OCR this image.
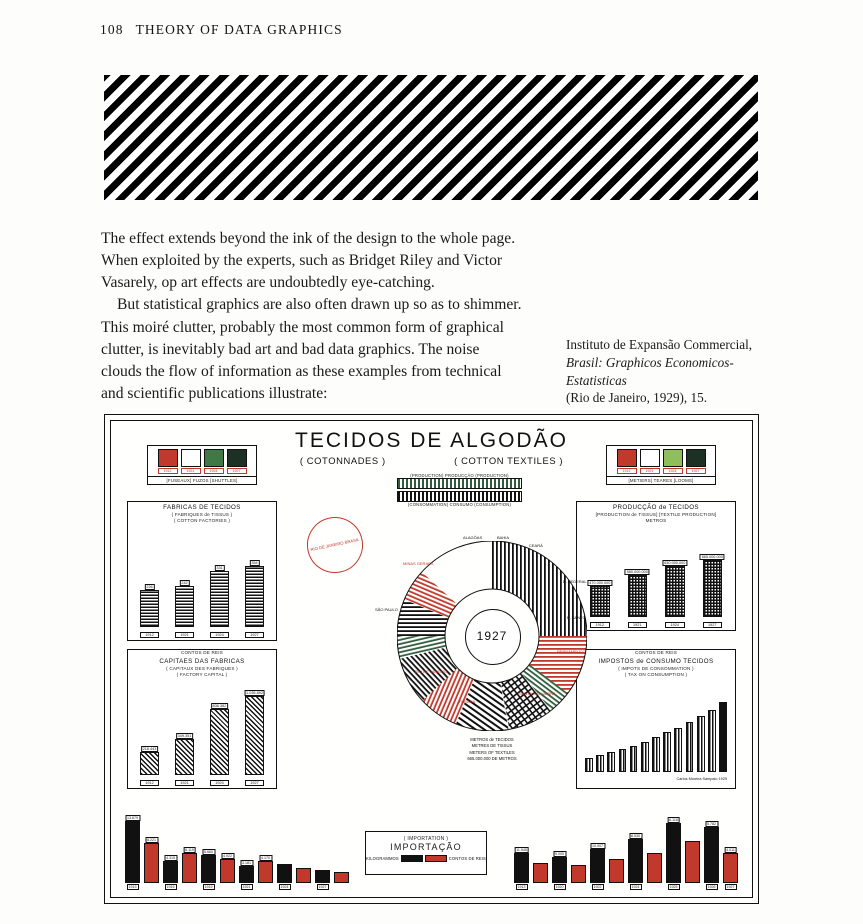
108 THEORY OF DATA GRAPHICS

The effect extends beyond the ink of the design to the whole page. When exploited by the experts, such as Bridget Riley and Victor Vasarely, op art effects are undoubtedly eye-catching.

But statistical graphics are also often drawn up so as to shimmer. This moiré clutter, probably the most common form of graphical clutter, is inevitably bad art and bad data graphics. The noise clouds the flow of information as these examples from technical and scientific publications illustrate:

Instituto de Expansão Commercial,
Brasil: Graphicos Economicos-Estatisticas
(Rio de Janeiro, 1929), 15.
TECIDOS DE ALGODÃO
( COTONNADES )	( COTTON TEXTILES )
(PRODUCTION) PRODUCÇÃO (PRODUCTION)
(CONSOMMATION) CONSUMO (CONSUMPTION)
1912	1921	1924	1927
[FUSEAUX] FUZOS [SHUTTLES]
1912	1921	1924	1927
[METIERS] TEARES [LOOMS]
RIO DE JANEIRO BRASIL
FABRICAS DE TECIDOS
( FABRIQUES de TISSUS )
( COTTON FACTORIES )
226
242
331
354
1912	1921	1924	1927
CONTOS DE REIS
CAPITAES DAS FABRICAS
( CAPITAUX DES FABRIQUES )
( FACTORY CAPITAL )
218.443
349.351
836.382
1.035.892
1912	1921	1924	1927
PRODUCÇÃO de TECIDOS
[PRODUCTION de TISSUS] [TEXTILE PRODUCTION]
METROS
470.000.000
580.000.000
630.000.000
665.000.000
1912	1921	1924	1927
CONTOS DE REIS
IMPOSTOS de CONSUMO TECIDOS
( IMPOTS DE CONSOMMATION )
( TAX ON CONSUMPTION )
Carlos Moreira Sampaio 1929
1927
ALAGÔAS	BAHIA
CEARÁ
D. FEDERAL
E. SANTO
PERNAMBUCO
SANTA CATHARINA
PARANÁ
RIO DE JANEIRO
SÃO PAULO
MINAS GERAES
METROS de TECIDOS
METRES DE TISSUS
METERS OF TEXTILES
665.000.000 DE METROS
13.679
1913
8.221
4.315
1915
6.119	5.660
1919
4.922
3.181
1921
4.170
1924	1927
( IMPORTATION )
IMPORTAÇÃO
KILOGRAMMOS	CONTOS DE REIS
11.545
1913
9.005
1920
10.907
1922
8.530
1924
6.118
1925
5.782
1926
4.011
1927
